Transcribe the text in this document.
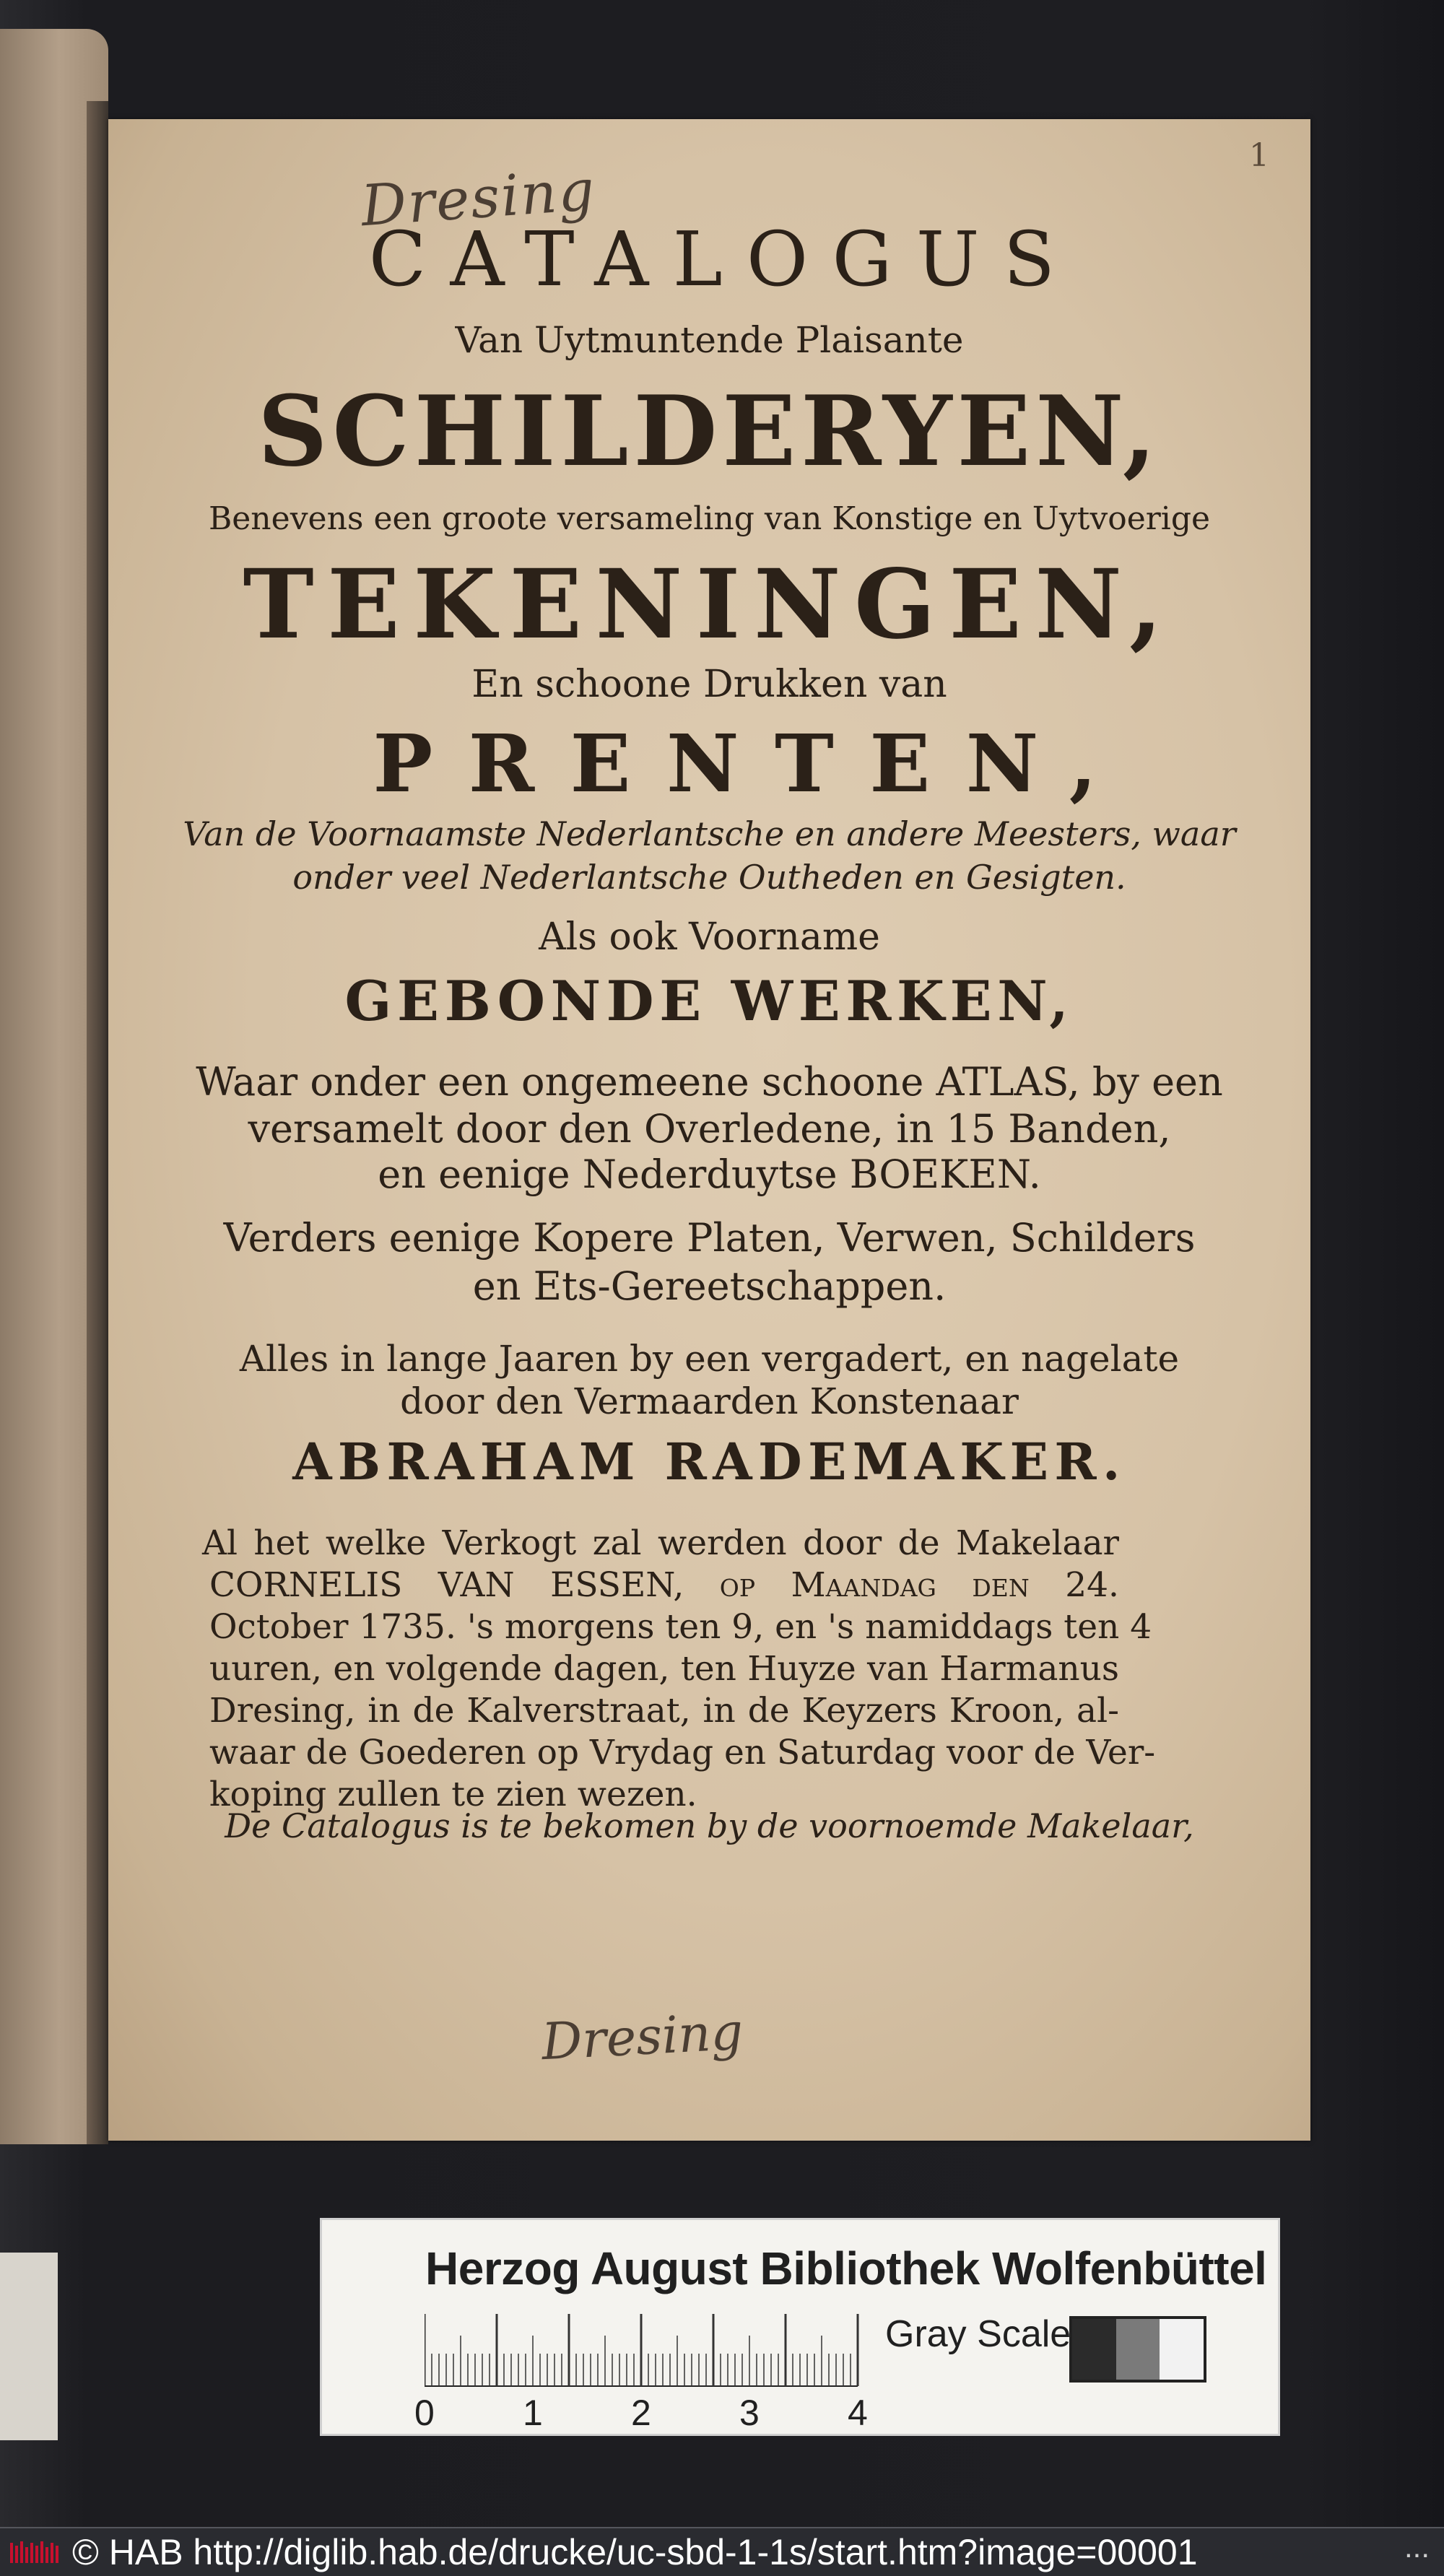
1
Dresing
CATALOGUS
Van Uytmuntende Plaisante
SCHILDERYEN,
Benevens een groote versameling van Konstige en Uytvoerige
TEKENINGEN,
En schoone Drukken van
PRENTEN,
Van de Voornaamste Nederlantsche en andere Meesters, waar
onder veel Nederlantsche Outheden en Gesigten.
Als ook Voorname
GEBONDE WERKEN,
Waar onder een ongemeene schoone ATLAS, by een
versamelt door den Overledene, in 15 Banden,
en eenige Nederduytse BOEKEN.
Verders eenige Kopere Platen, Verwen, Schilders
en Ets-Gereetschappen.
Alles in lange Jaaren by een vergadert, en nagelate
door den Vermaarden Konstenaar
ABRAHAM RADEMAKER.
Al het welke Verkogt zal werden door de Makelaar
CORNELIS VAN ESSEN, op Maandag den 24.
October 1735. 's morgens ten 9, en 's namiddags ten 4
uuren, en volgende dagen, ten Huyze van Harmanus
Dresing, in de Kalverstraat, in de Keyzers Kroon, al-
waar de Goederen op Vrydag en Saturdag voor de Ver-
koping zullen te zien wezen.
De Catalogus is te bekomen by de voornoemde Makelaar,
Dresing
Herzog August Bibliothek Wolfenbüttel
Gray Scale
0 1 2 3 4
© HAB http://diglib.hab.de/drucke/uc-sbd-1-1s/start.htm?image=00001	...
